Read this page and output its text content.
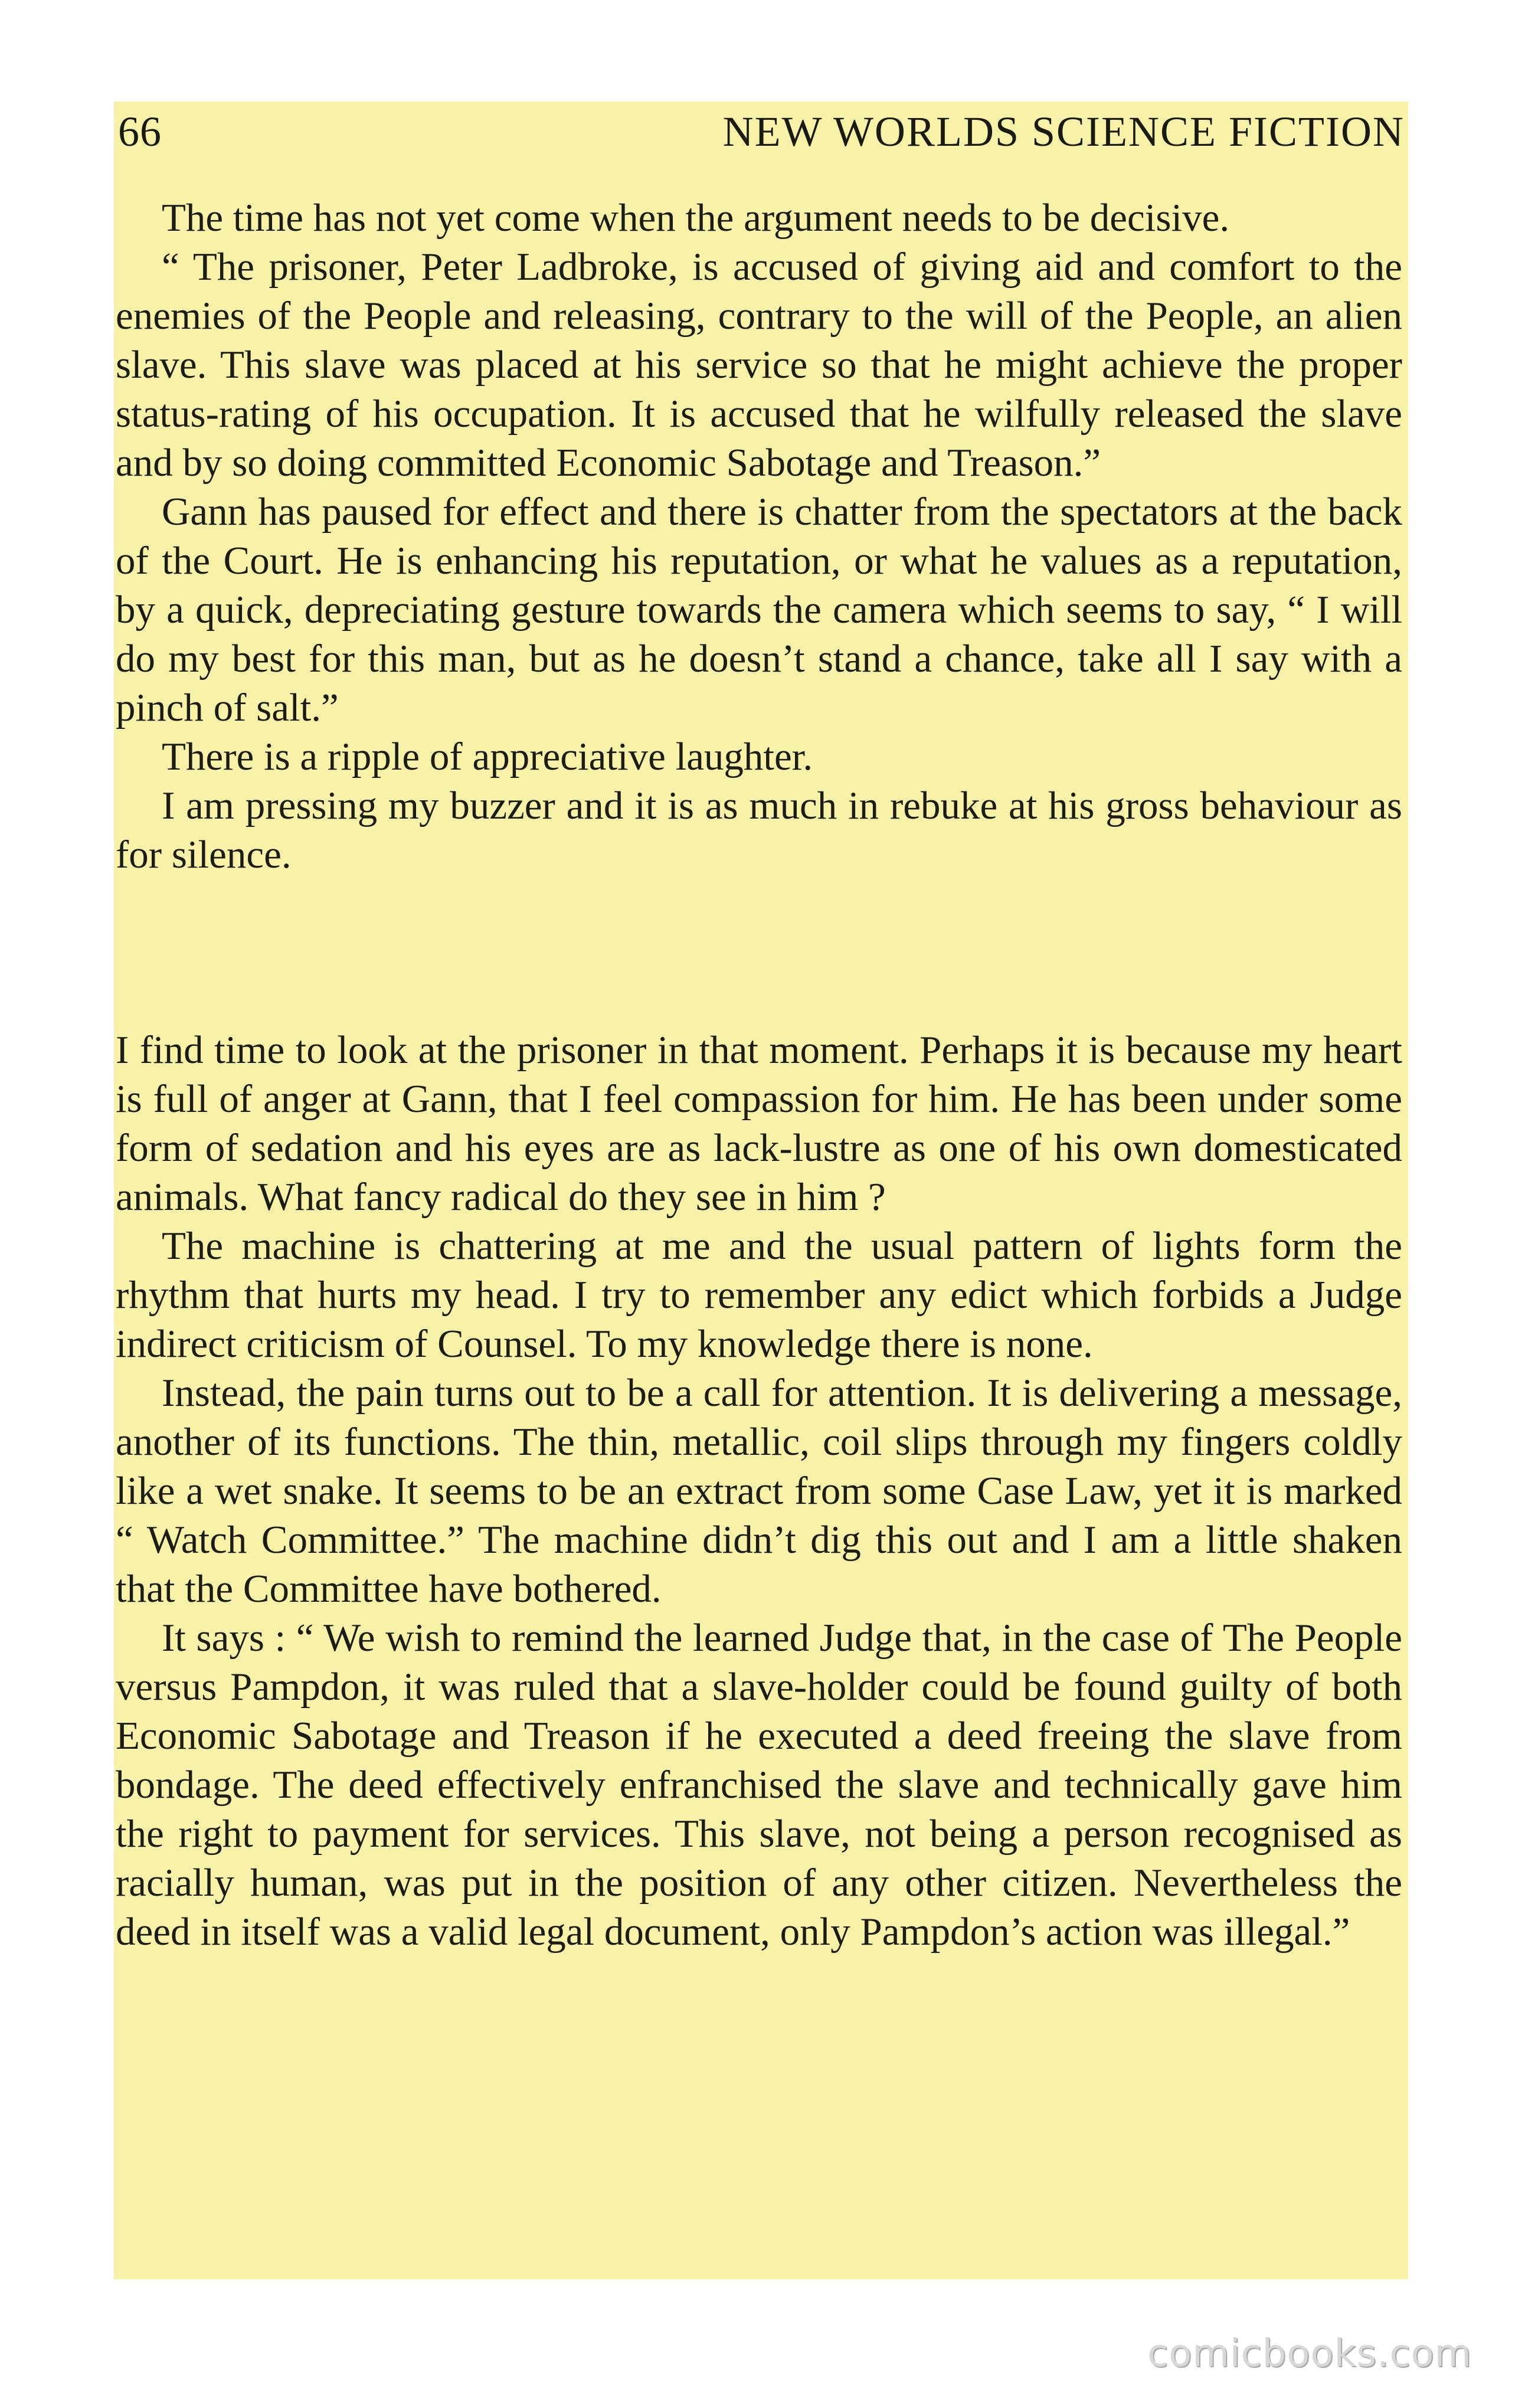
66	NEW WORLDS SCIENCE FICTION

The time has not yet come when the argument needs to be decisive.

“ The prisoner, Peter Ladbroke, is accused of giving aid and comfort to the enemies of the People and releasing, contrary to the will of the People, an alien slave. This slave was placed at his service so that he might achieve the proper status-rating of his occupation. It is accused that he wilfully released the slave and by so doing committed Economic Sabotage and Treason.”

Gann has paused for effect and there is chatter from the spectators at the back of the Court. He is enhancing his reputation, or what he values as a reputation, by a quick, depreciating gesture towards the camera which seems to say, “ I will do my best for this man, but as he doesn’t stand a chance, take all I say with a pinch of salt.”

There is a ripple of appreciative laughter.

I am pressing my buzzer and it is as much in rebuke at his gross behaviour as for silence.

I find time to look at the prisoner in that moment. Perhaps it is because my heart is full of anger at Gann, that I feel compassion for him. He has been under some form of sedation and his eyes are as lack-lustre as one of his own domesticated animals. What fancy radical do they see in him ?

The machine is chattering at me and the usual pattern of lights form the rhythm that hurts my head. I try to remember any edict which forbids a Judge indirect criticism of Counsel. To my knowledge there is none.

Instead, the pain turns out to be a call for attention. It is delivering a message, another of its functions. The thin, metallic, coil slips through my fingers coldly like a wet snake. It seems to be an extract from some Case Law, yet it is marked “ Watch Committee.” The machine didn’t dig this out and I am a little shaken that the Committee have bothered.

It says : “ We wish to remind the learned Judge that, in the case of The People versus Pampdon, it was ruled that a slave-holder could be found guilty of both Economic Sabotage and Treason if he executed a deed freeing the slave from bondage. The deed effectively enfranchised the slave and technically gave him the right to payment for services. This slave, not being a person recognised as racially human, was put in the position of any other citizen. Nevertheless the deed in itself was a valid legal document, only Pampdon’s action was illegal.”

comicbooks.com
